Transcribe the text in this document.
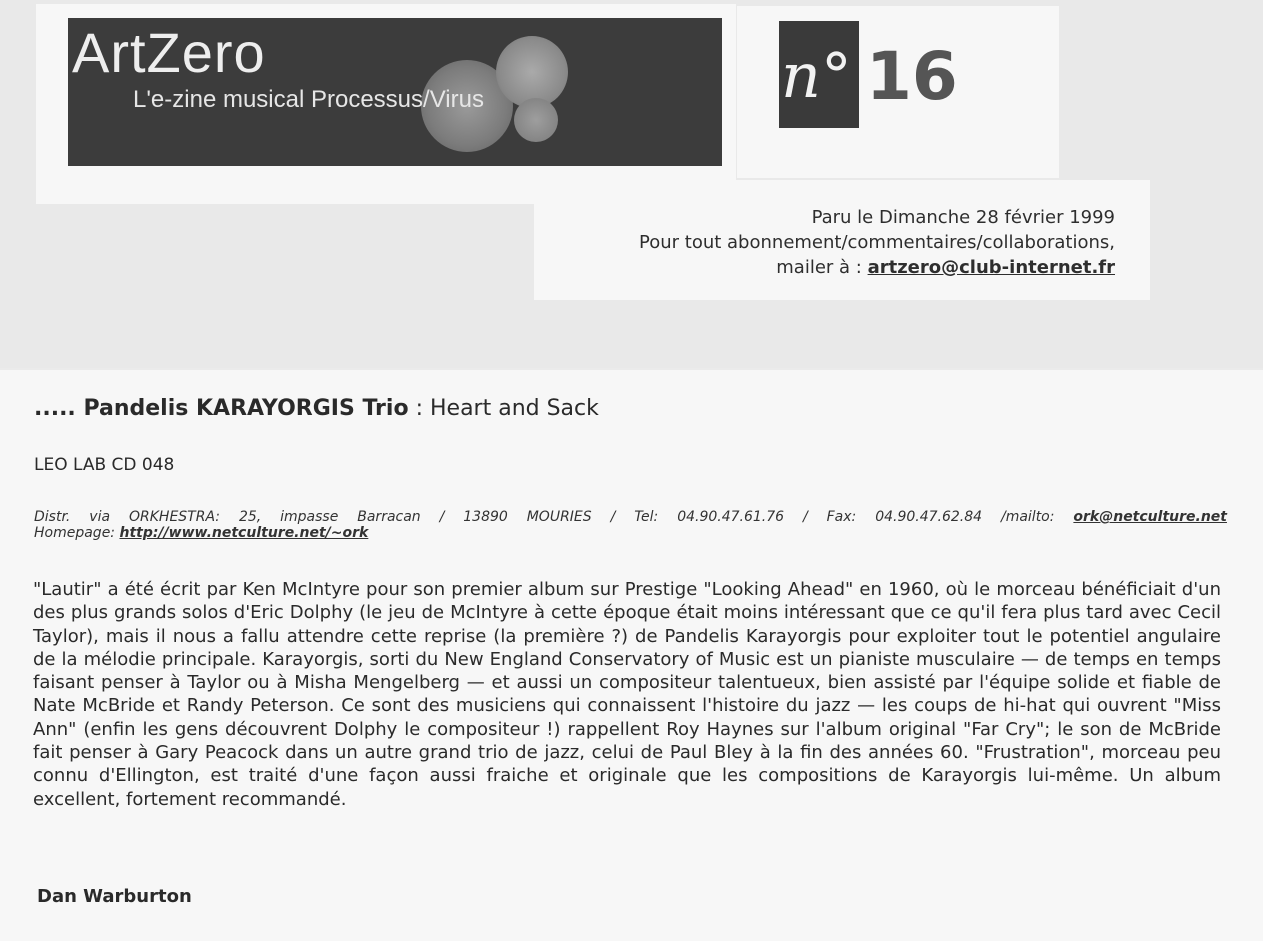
ArtZero
L'e-zine musical Processus/Virus	n° 16
Paru le Dimanche 28 février 1999
Pour tout abonnement/commentaires/collaborations,
mailer à : artzero@club-internet.fr
..... Pandelis KARAYORGIS Trio : Heart and Sack
LEO LAB CD 048
Distr. via ORKHESTRA: 25, impasse Barracan / 13890 MOURIES / Tel: 04.90.47.61.76 / Fax: 04.90.47.62.84 /mailto: ork@netculture.net
Homepage: http://www.netculture.net/~ork
"Lautir" a été écrit par Ken McIntyre pour son premier album sur Prestige "Looking Ahead" en 1960, où le morceau bénéficiait d'un des plus grands solos d'Eric Dolphy (le jeu de McIntyre à cette époque était moins intéressant que ce qu'il fera plus tard avec Cecil Taylor), mais il nous a fallu attendre cette reprise (la première ?) de Pandelis Karayorgis pour exploiter tout le potentiel angulaire de la mélodie principale. Karayorgis, sorti du New England Conservatory of Music est un pianiste musculaire — de temps en temps faisant penser à Taylor ou à Misha Mengelberg — et aussi un compositeur talentueux, bien assisté par l'équipe solide et fiable de Nate McBride et Randy Peterson. Ce sont des musiciens qui connaissent l'histoire du jazz — les coups de hi-hat qui ouvrent "Miss Ann" (enfin les gens découvrent Dolphy le compositeur !) rappellent Roy Haynes sur l'album original "Far Cry"; le son de McBride fait penser à Gary Peacock dans un autre grand trio de jazz, celui de Paul Bley à la fin des années 60. "Frustration", morceau peu connu d'Ellington, est traité d'une façon aussi fraiche et originale que les compositions de Karayorgis lui-même. Un album excellent, fortement recommandé.
Dan Warburton
